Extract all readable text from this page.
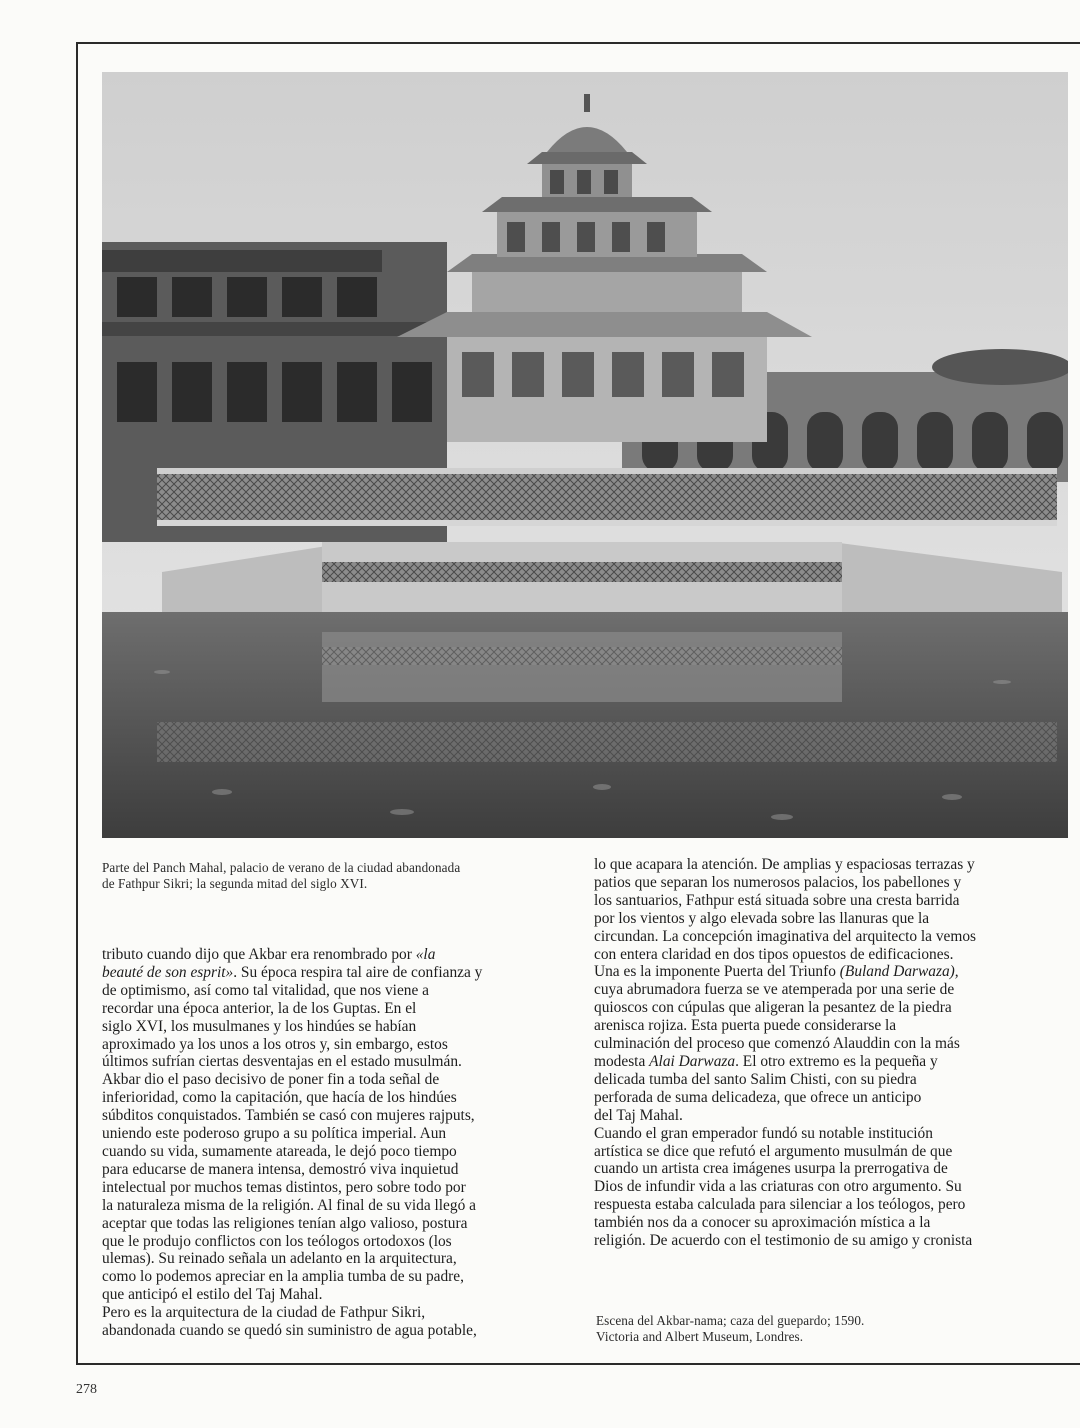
Parte del Panch Mahal, palacio de verano de la ciudad abandonada

de Fathpur Sikri; la segunda mitad del siglo XVI.

tributo cuando dijo que Akbar era renombrado por «la
beauté de son esprit». Su época respira tal aire de confianza y
de optimismo, así como tal vitalidad, que nos viene a
recordar una época anterior, la de los Guptas. En el
siglo XVI, los musulmanes y los hindúes se habían
aproximado ya los unos a los otros y, sin embargo, estos
últimos sufrían ciertas desventajas en el estado musulmán.
Akbar dio el paso decisivo de poner fin a toda señal de
inferioridad, como la capitación, que hacía de los hindúes
súbditos conquistados. También se casó con mujeres rajputs,
uniendo este poderoso grupo a su política imperial. Aun
cuando su vida, sumamente atareada, le dejó poco tiempo
para educarse de manera intensa, demostró viva inquietud
intelectual por muchos temas distintos, pero sobre todo por
la naturaleza misma de la religión. Al final de su vida llegó a
aceptar que todas las religiones tenían algo valioso, postura
que le produjo conflictos con los teólogos ortodoxos (los
ulemas). Su reinado señala un adelanto en la arquitectura,
como lo podemos apreciar en la amplia tumba de su padre,
que anticipó el estilo del Taj Mahal.
Pero es la arquitectura de la ciudad de Fathpur Sikri,
abandonada cuando se quedó sin suministro de agua potable,
lo que acapara la atención. De amplias y espaciosas terrazas y
patios que separan los numerosos palacios, los pabellones y
los santuarios, Fathpur está situada sobre una cresta barrida
por los vientos y algo elevada sobre las llanuras que la
circundan. La concepción imaginativa del arquitecto la vemos
con entera claridad en dos tipos opuestos de edificaciones.
Una es la imponente Puerta del Triunfo (Buland Darwaza),
cuya abrumadora fuerza se ve atemperada por una serie de
quioscos con cúpulas que aligeran la pesantez de la piedra
arenisca rojiza. Esta puerta puede considerarse la
culminación del proceso que comenzó Alauddin con la más
modesta Alai Darwaza. El otro extremo es la pequeña y
delicada tumba del santo Salim Chisti, con su piedra
perforada de suma delicadeza, que ofrece un anticipo
del Taj Mahal.
Cuando el gran emperador fundó su notable institución
artística se dice que refutó el argumento musulmán de que
cuando un artista crea imágenes usurpa la prerrogativa de
Dios de infundir vida a las criaturas con otro argumento. Su
respuesta estaba calculada para silenciar a los teólogos, pero
también nos da a conocer su aproximación mística a la
religión. De acuerdo con el testimonio de su amigo y cronista

Escena del Akbar-nama; caza del guepardo; 1590.

Victoria and Albert Museum, Londres.

278
